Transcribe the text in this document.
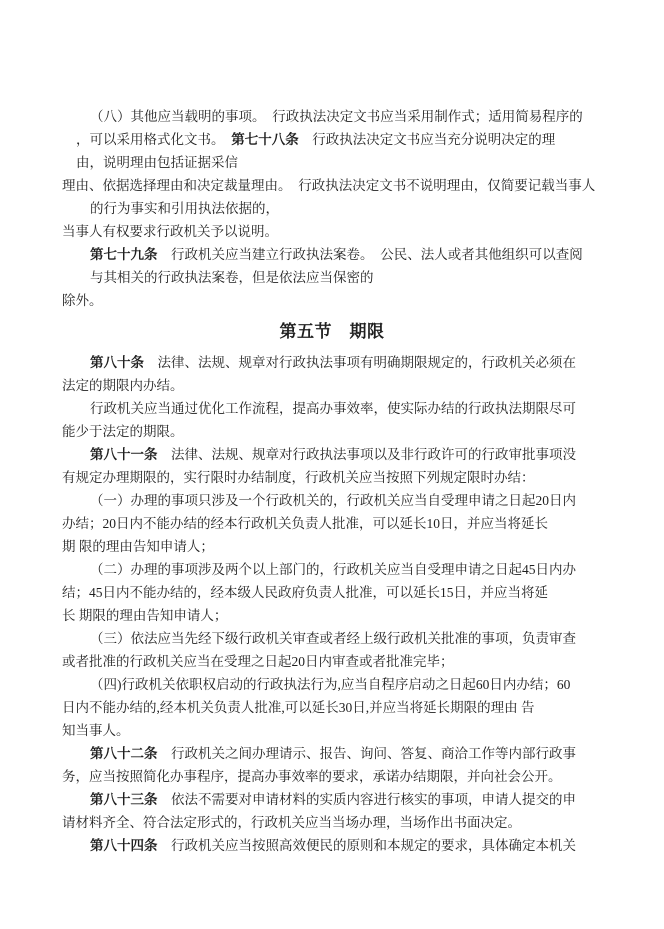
（八）其他应当载明的事项。　行政执法决定文书应当采用制作式；适用简易程序的
，可以采用格式化文书。　第七十八条　行政执法决定文书应当充分说明决定的理
由，说明理由包括证据采信
理由、依据选择理由和决定裁量理由。　行政执法决定文书不说明理由，仅简要记载当事人
的行为事实和引用执法依据的，
当事人有权要求行政机关予以说明。
第七十九条　行政机关应当建立行政执法案卷。　公民、法人或者其他组织可以查阅
与其相关的行政执法案卷，但是依法应当保密的
除外。
第五节　期限
第八十条　法律、法规、规章对行政执法事项有明确期限规定的，行政机关必须在
法定的期限内办结。
行政机关应当通过优化工作流程，提高办事效率，使实际办结的行政执法期限尽可
能少于法定的期限。
第八十一条　法律、法规、规章对行政执法事项以及非行政许可的行政审批事项没
有规定办理期限的，实行限时办结制度，行政机关应当按照下列规定限时办结：
（一）办理的事项只涉及一个行政机关的，行政机关应当自受理申请之日起20日内
办结；20日内不能办结的经本行政机关负责人批准，可以延长10日，并应当将延长
期 限的理由告知申请人；
（二）办理的事项涉及两个以上部门的，行政机关应当自受理申请之日起45日内办
结；45日内不能办结的，经本级人民政府负责人批准，可以延长15日，并应当将延
长 期限的理由告知申请人；
（三）依法应当先经下级行政机关审查或者经上级行政机关批准的事项，负责审查
或者批准的行政机关应当在受理之日起20日内审查或者批准完毕；
（四)行政机关依职权启动的行政执法行为,应当自程序启动之日起60日内办结；60
日内不能办结的,经本机关负责人批准,可以延长30日,并应当将延长期限的理由 告
知当事人。
第八十二条　行政机关之间办理请示、报告、询问、答复、商洽工作等内部行政事
务，应当按照简化办事程序，提高办事效率的要求，承诺办结期限，并向社会公开。
第八十三条　依法不需要对申请材料的实质内容进行核实的事项，申请人提交的申
请材料齐全、符合法定形式的，行政机关应当当场办理，当场作出书面决定。
第八十四条　行政机关应当按照高效便民的原则和本规定的要求，具体确定本机关
